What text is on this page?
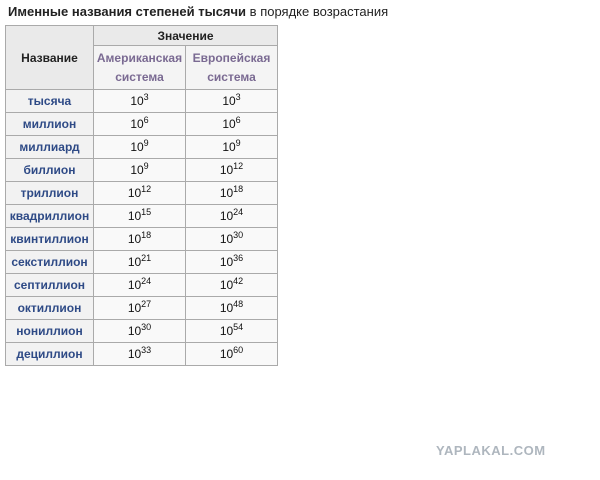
Именные названия степеней тысячи в порядке возрастания
Название	Значение	
	Американская система	Европейская система
тысяча	$10^3$	$10^3$
миллион	$10^6$	$10^6$
миллиард	$10^9$	$10^9$
биллион	$10^9$	$10^{12}$
триллион	$10^{12}$	$10^{18}$
квадриллион	$10^{15}$	$10^{24}$
квинтиллион	$10^{18}$	$10^{30}$
секстиллион	$10^{21}$	$10^{36}$
септиллион	$10^{24}$	$10^{42}$
октиллион	$10^{27}$	$10^{48}$
нониллион	$10^{30}$	$10^{54}$
дециллион	$10^{33}$	$10^{60}$
YAPLAKAL.COM
